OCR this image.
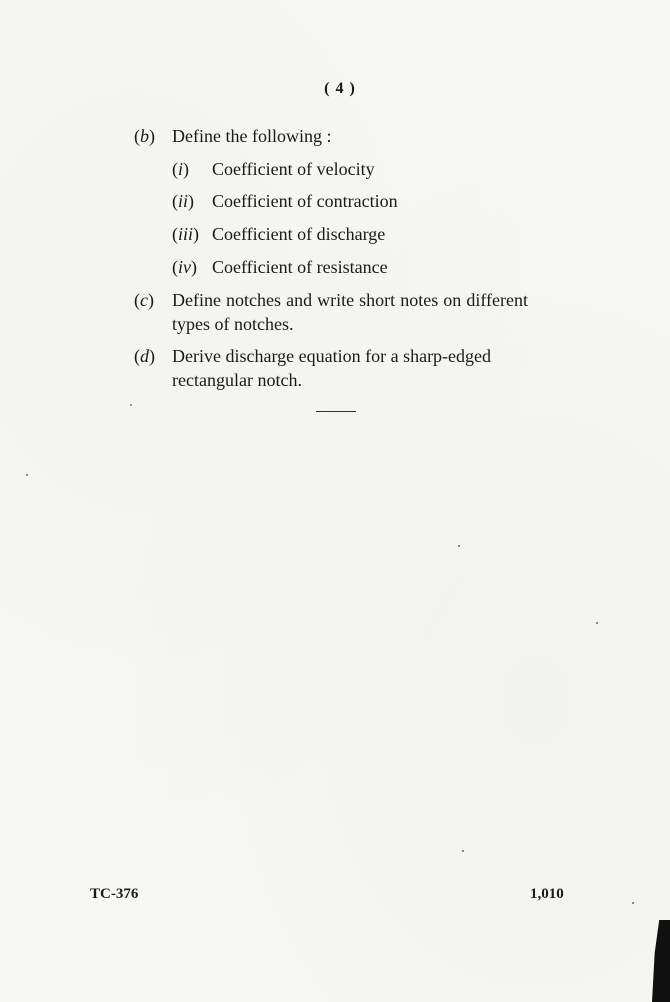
( 4 )
(b) Define the following :
(i) Coefficient of velocity
(ii) Coefficient of contraction
(iii) Coefficient of discharge
(iv) Coefficient of resistance
(c) Define notches and write short notes on different types of notches.
(d) Derive discharge equation for a sharp-edged rectangular notch.
TC-376	1,010
